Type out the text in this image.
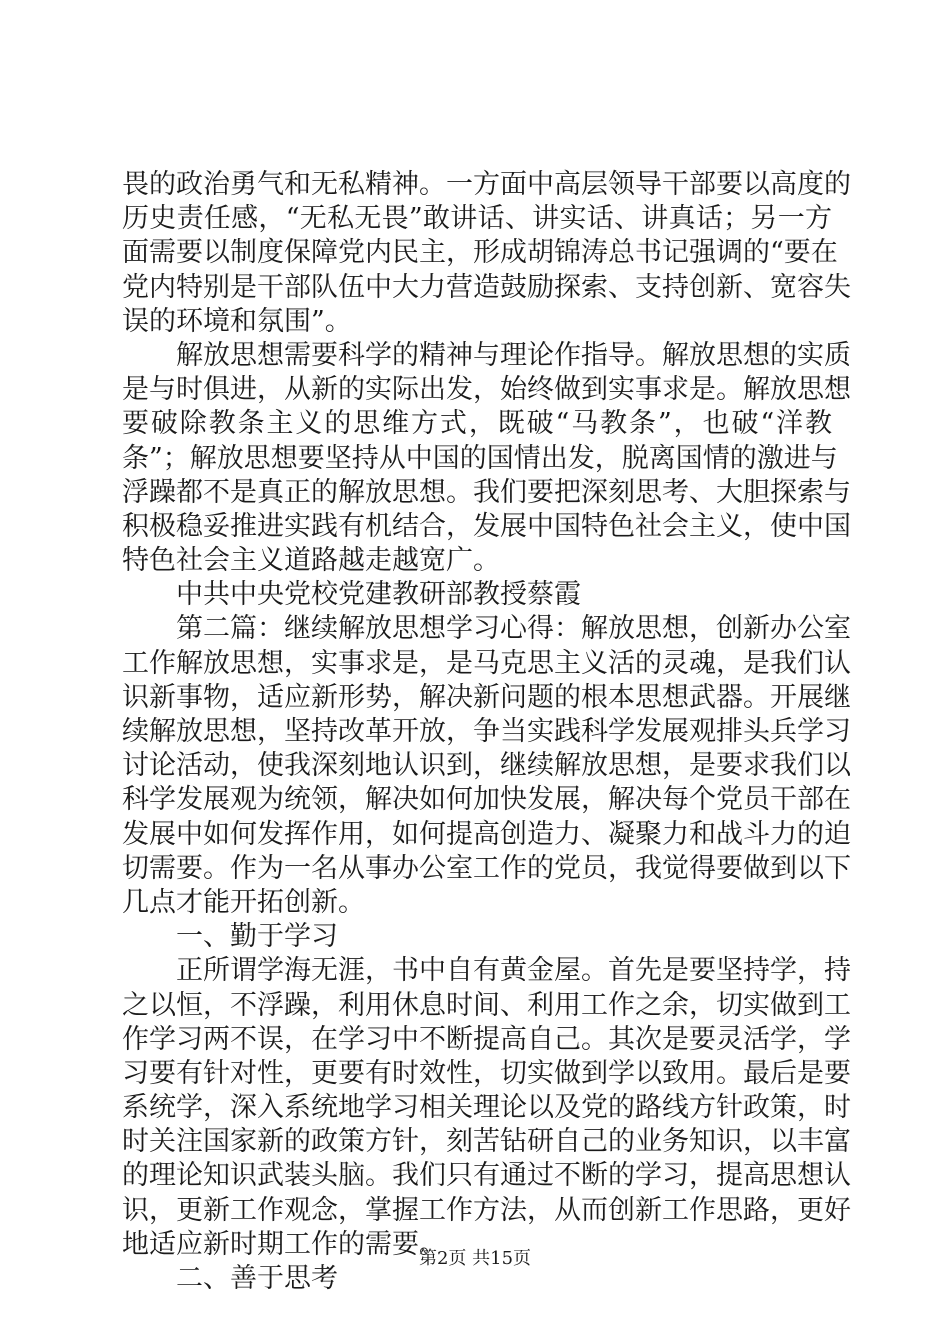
畏的政治勇气和无私精神。一方面中高层领导干部要以高度的
历史责任感，“无私无畏”敢讲话、讲实话、讲真话；另一方
面需要以制度保障党内民主，形成胡锦涛总书记强调的“要在
党内特别是干部队伍中大力营造鼓励探索、支持创新、宽容失
误的环境和氛围”。
　　解放思想需要科学的精神与理论作指导。解放思想的实质
是与时俱进，从新的实际出发，始终做到实事求是。解放思想
要破除教条主义的思维方式，既破“马教条”，也破“洋教
条”；解放思想要坚持从中国的国情出发，脱离国情的激进与
浮躁都不是真正的解放思想。我们要把深刻思考、大胆探索与
积极稳妥推进实践有机结合，发展中国特色社会主义，使中国
特色社会主义道路越走越宽广。
　　中共中央党校党建教研部教授蔡霞
　　第二篇：继续解放思想学习心得：解放思想，创新办公室
工作解放思想，实事求是，是马克思主义活的灵魂，是我们认
识新事物，适应新形势，解决新问题的根本思想武器。开展继
续解放思想，坚持改革开放，争当实践科学发展观排头兵学习
讨论活动，使我深刻地认识到，继续解放思想，是要求我们以
科学发展观为统领，解决如何加快发展，解决每个党员干部在
发展中如何发挥作用，如何提高创造力、凝聚力和战斗力的迫
切需要。作为一名从事办公室工作的党员，我觉得要做到以下
几点才能开拓创新。
　　一、勤于学习
　　正所谓学海无涯，书中自有黄金屋。首先是要坚持学，持
之以恒，不浮躁，利用休息时间、利用工作之余，切实做到工
作学习两不误，在学习中不断提高自己。其次是要灵活学，学
习要有针对性，更要有时效性，切实做到学以致用。最后是要
系统学，深入系统地学习相关理论以及党的路线方针政策，时
时关注国家新的政策方针，刻苦钻研自己的业务知识，以丰富
的理论知识武装头脑。我们只有通过不断的学习，提高思想认
识，更新工作观念，掌握工作方法，从而创新工作思路，更好
地适应新时期工作的需要。
　　二、善于思考
第2页 共15页
